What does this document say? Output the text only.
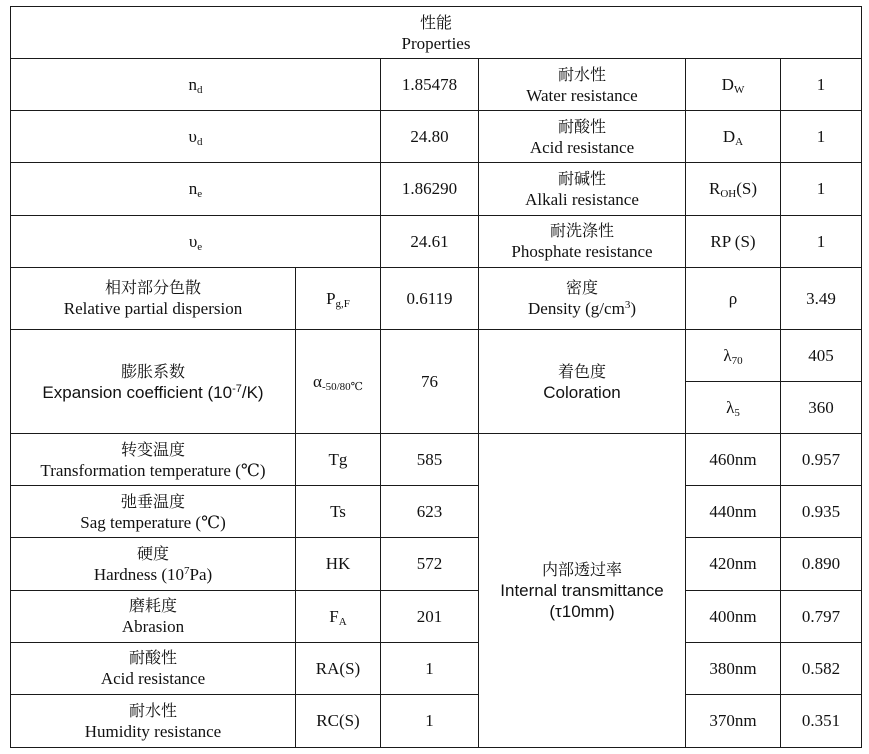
性能
Properties					

$n_d$		1.85478	耐水性
Water resistance	$D_W$	1
$\upsilon_d$		24.80	耐酸性
Acid resistance	$D_A$	1
$n_e$		1.86290	耐碱性
Alkali resistance	$R_{OH}(S)$	1
$\upsilon_e$		24.61	耐洗涤性
Phosphate resistance	RP (S)	1

相对部分色散
Relative partial dispersion	$P_{g,F}$	0.6119	密度
Density $(g/cm^3)$	ρ	3.49

膨胀系数
Expansion coefficient $(10^{-7}/K)$	$\alpha_{-50/80℃}$	76	着色度
Coloration	$\lambda_{70}$	405
				$\lambda_5$	360

转变温度
Transformation temperature (℃)	Tg	585	内部透过率
Internal transmittance
(τ10mm)	460nm	0.957

弛垂温度
Sag temperature (℃)	Ts	623		440nm	0.935

硬度
Hardness $(10^7Pa)$	HK	572		420nm	0.890

磨耗度
Abrasion	$F_A$	201		400nm	0.797

耐酸性
Acid resistance	RA(S)	1		380nm	0.582

耐水性
Humidity resistance	RC(S)	1		370nm	0.351
